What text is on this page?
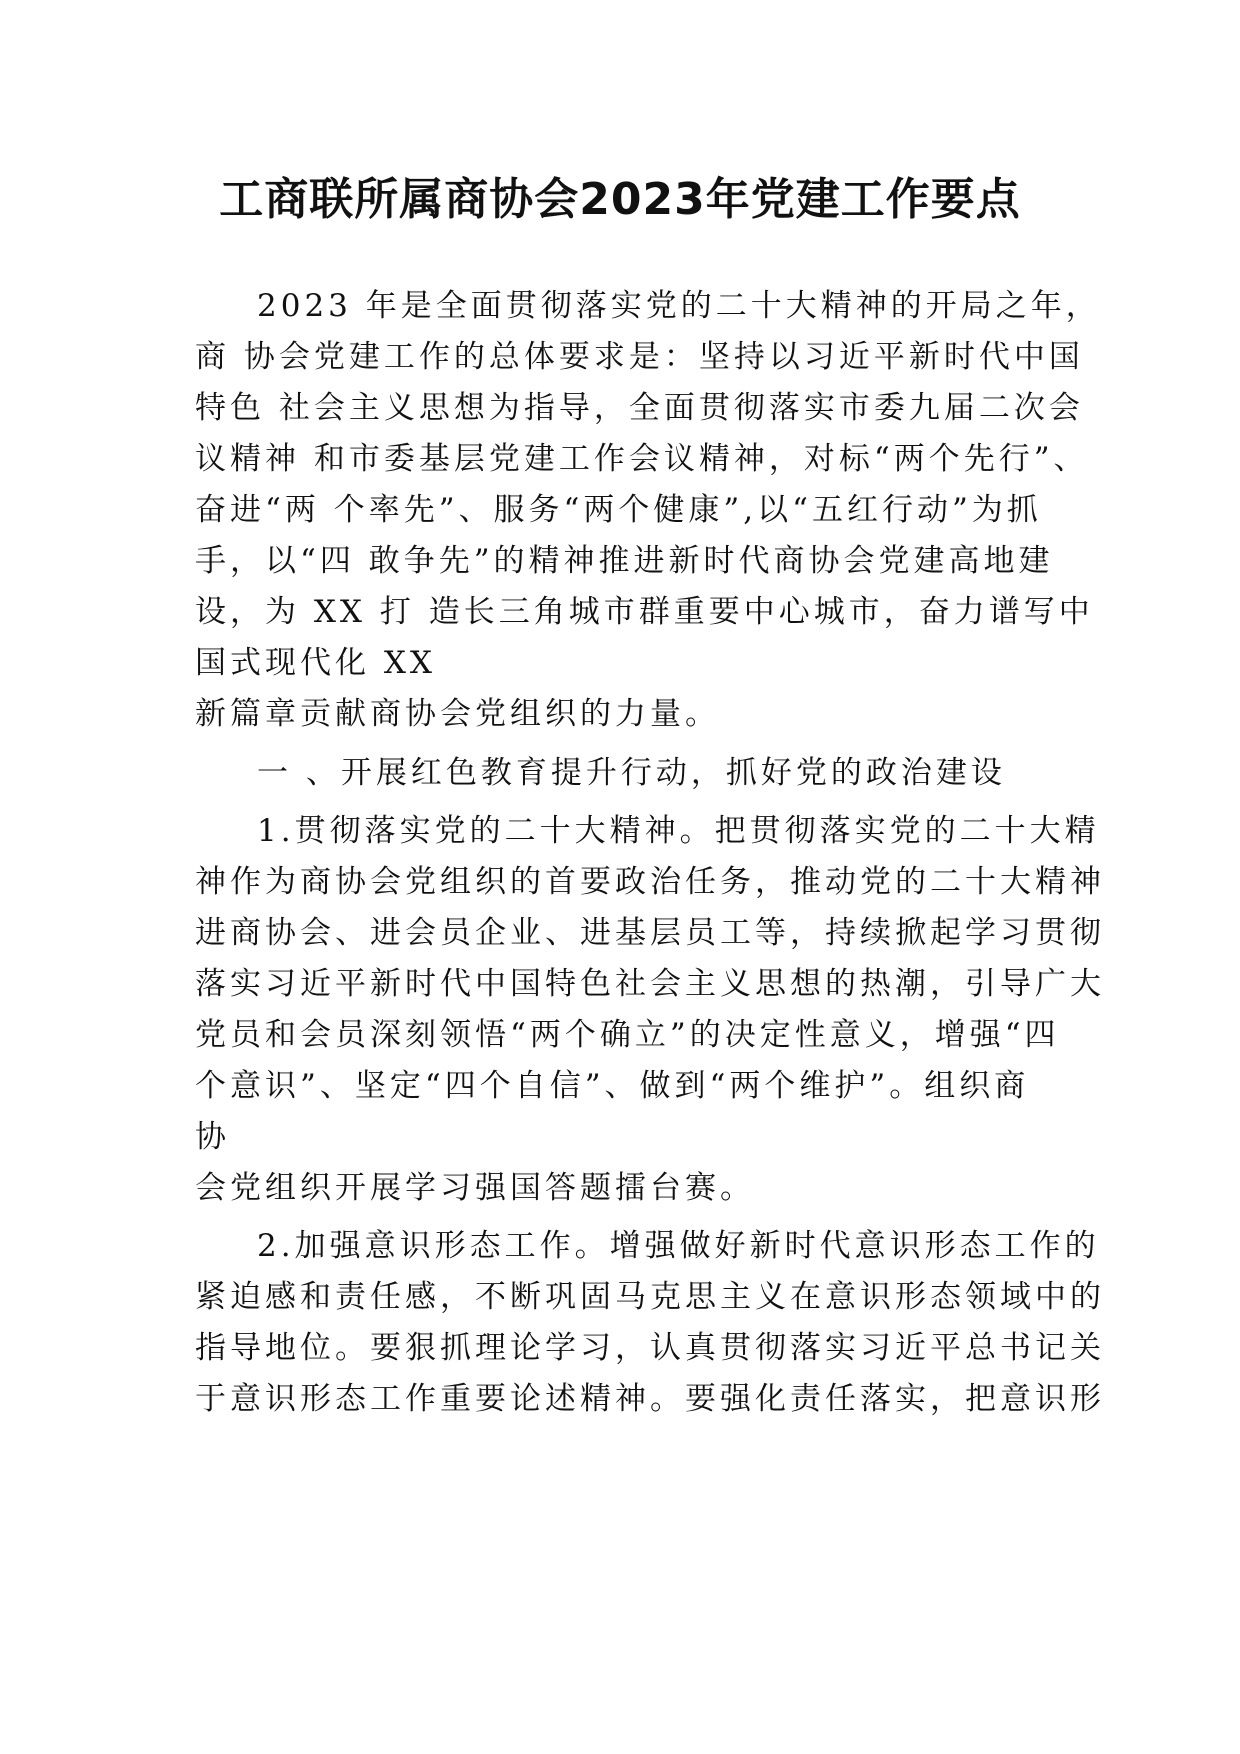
工商联所属商协会2023年党建工作要点
2023 年是全面贯彻落实党的二十大精神的开局之年，
商 协会党建工作的总体要求是：坚持以习近平新时代中国
特色 社会主义思想为指导，全面贯彻落实市委九届二次会
议精神 和市委基层党建工作会议精神，对标“两个先行”、
奋进“两 个率先”、服务“两个健康”,以“五红行动”为抓
手，以“四 敢争先”的精神推进新时代商协会党建高地建
设，为 XX 打 造长三角城市群重要中心城市，奋力谱写中
国式现代化 XX
新篇章贡献商协会党组织的力量。
一 、开展红色教育提升行动，抓好党的政治建设
1.贯彻落实党的二十大精神。把贯彻落实党的二十大精
神作为商协会党组织的首要政治任务，推动党的二十大精神
进商协会、进会员企业、进基层员工等，持续掀起学习贯彻
落实习近平新时代中国特色社会主义思想的热潮，引导广大
党员和会员深刻领悟“两个确立”的决定性意义，增强“四
个意识”、坚定“四个自信”、做到“两个维护”。组织商
协
会党组织开展学习强国答题擂台赛。
2.加强意识形态工作。增强做好新时代意识形态工作的
紧迫感和责任感，不断巩固马克思主义在意识形态领域中的
指导地位。要狠抓理论学习，认真贯彻落实习近平总书记关
于意识形态工作重要论述精神。要强化责任落实，把意识形
